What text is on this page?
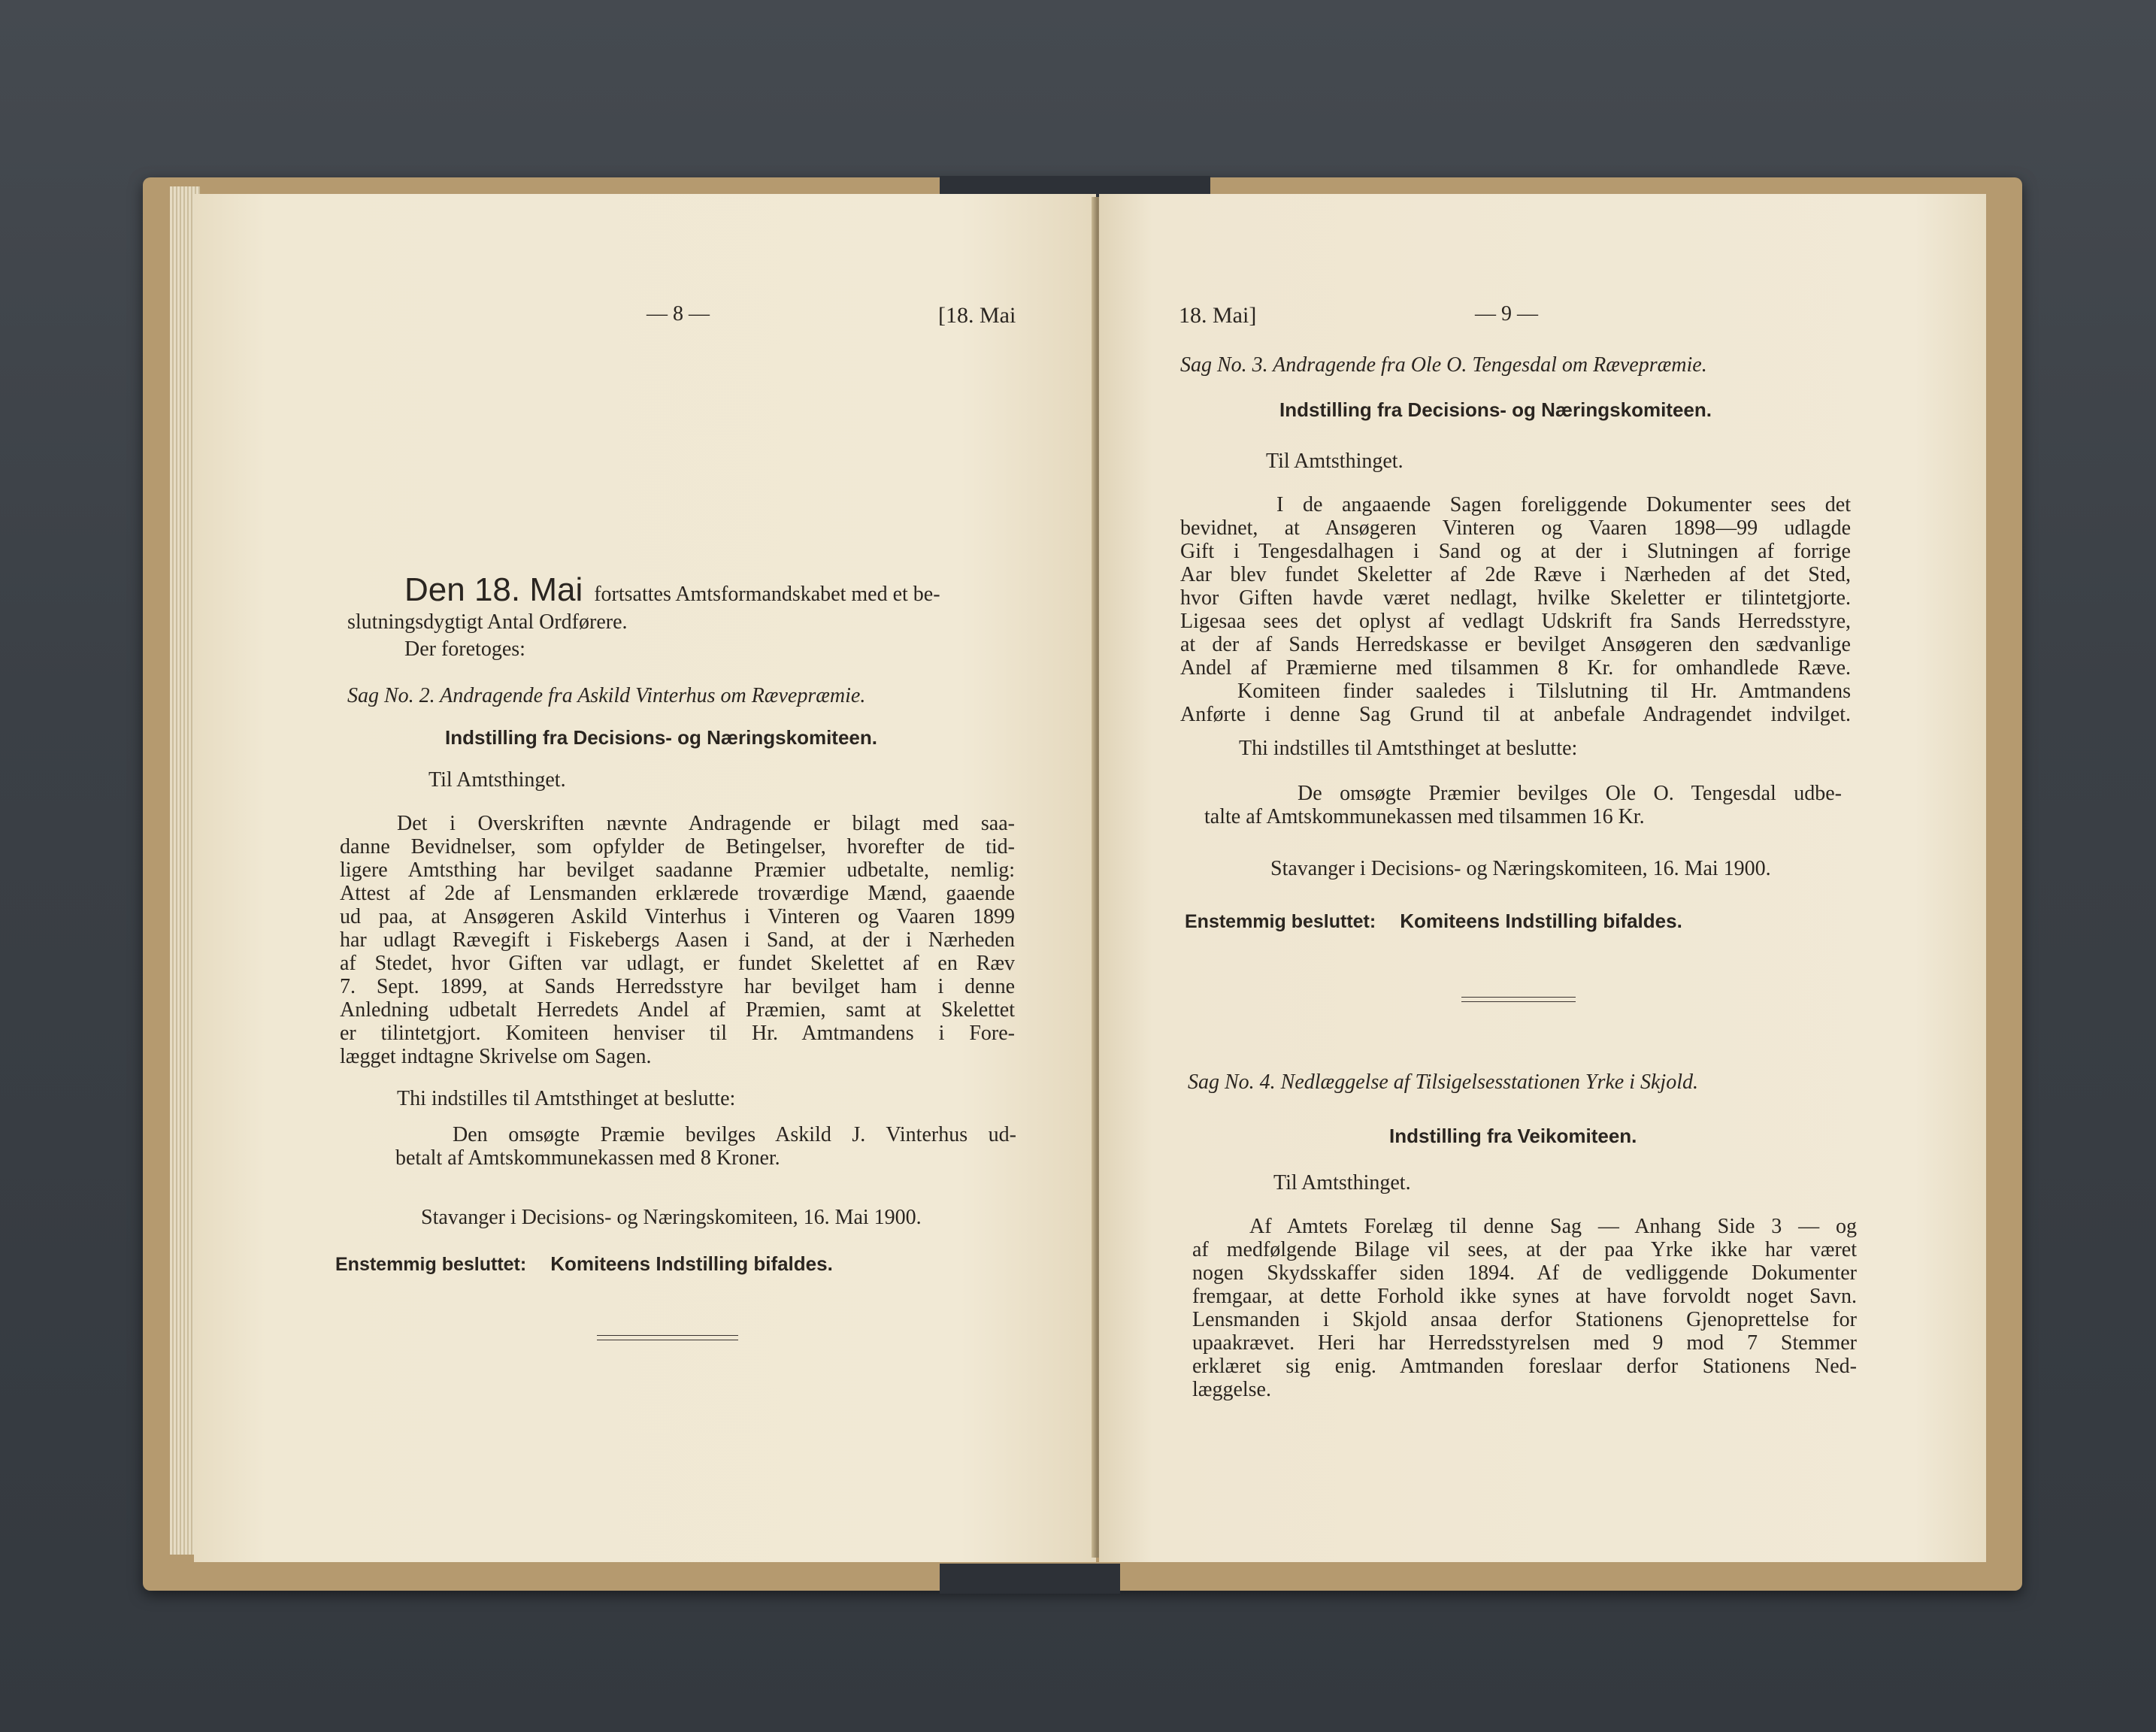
— 8 —	[18. Mai
Den 18. Mai fortsattes Amtsformandskabet med et be-
slutningsdygtigt Antal Ordførere.
Der foretoges:
Sag No. 2. Andragende fra Askild Vinterhus om Rævepræmie.
Indstilling fra Decisions- og Næringskomiteen.
Til Amtsthinget.
Det i Overskriften nævnte Andragende er bilagt med saa-
danne Bevidnelser, som opfylder de Betingelser, hvorefter de tid-
ligere Amtsthing har bevilget saadanne Præmier udbetalte, nemlig:
Attest af 2de af Lensmanden erklærede troværdige Mænd, gaaende
ud paa, at Ansøgeren Askild Vinterhus i Vinteren og Vaaren 1899
har udlagt Rævegift i Fiskebergs Aasen i Sand, at der i Nærheden
af Stedet, hvor Giften var udlagt, er fundet Skelettet af en Ræv
7. Sept. 1899, at Sands Herredsstyre har bevilget ham i denne
Anledning udbetalt Herredets Andel af Præmien, samt at Skelettet
er tilintetgjort. Komiteen henviser til Hr. Amtmandens i Fore-
lægget indtagne Skrivelse om Sagen.
Thi indstilles til Amtsthinget at beslutte:
Den omsøgte Præmie bevilges Askild J. Vinterhus ud-
betalt af Amtskommunekassen med 8 Kroner.
Stavanger i Decisions- og Næringskomiteen, 16. Mai 1900.
Enstemmig besluttet: Komiteens Indstilling bifaldes.
18. Mai]	— 9 —
Sag No. 3. Andragende fra Ole O. Tengesdal om Rævepræmie.
Indstilling fra Decisions- og Næringskomiteen.
Til Amtsthinget.
I de angaaende Sagen foreliggende Dokumenter sees det
bevidnet, at Ansøgeren Vinteren og Vaaren 1898—99 udlagde
Gift i Tengesdalhagen i Sand og at der i Slutningen af forrige
Aar blev fundet Skeletter af 2de Ræve i Nærheden af det Sted,
hvor Giften havde været nedlagt, hvilke Skeletter er tilintetgjorte.
Ligesaa sees det oplyst af vedlagt Udskrift fra Sands Herredsstyre,
at der af Sands Herredskasse er bevilget Ansøgeren den sædvanlige
Andel af Præmierne med tilsammen 8 Kr. for omhandlede Ræve.
Komiteen finder saaledes i Tilslutning til Hr. Amtmandens
Anførte i denne Sag Grund til at anbefale Andragendet indvilget.
Thi indstilles til Amtsthinget at beslutte:
De omsøgte Præmier bevilges Ole O. Tengesdal udbe-
talte af Amtskommunekassen med tilsammen 16 Kr.
Stavanger i Decisions- og Næringskomiteen, 16. Mai 1900.
Enstemmig besluttet: Komiteens Indstilling bifaldes.
Sag No. 4. Nedlæggelse af Tilsigelsesstationen Yrke i Skjold.
Indstilling fra Veikomiteen.
Til Amtsthinget.
Af Amtets Forelæg til denne Sag — Anhang Side 3 — og
af medfølgende Bilage vil sees, at der paa Yrke ikke har været
nogen Skydsskaffer siden 1894. Af de vedliggende Dokumenter
fremgaar, at dette Forhold ikke synes at have forvoldt noget Savn.
Lensmanden i Skjold ansaa derfor Stationens Gjenoprettelse for
upaakrævet. Heri har Herredsstyrelsen med 9 mod 7 Stemmer
erklæret sig enig. Amtmanden foreslaar derfor Stationens Ned-
læggelse.
